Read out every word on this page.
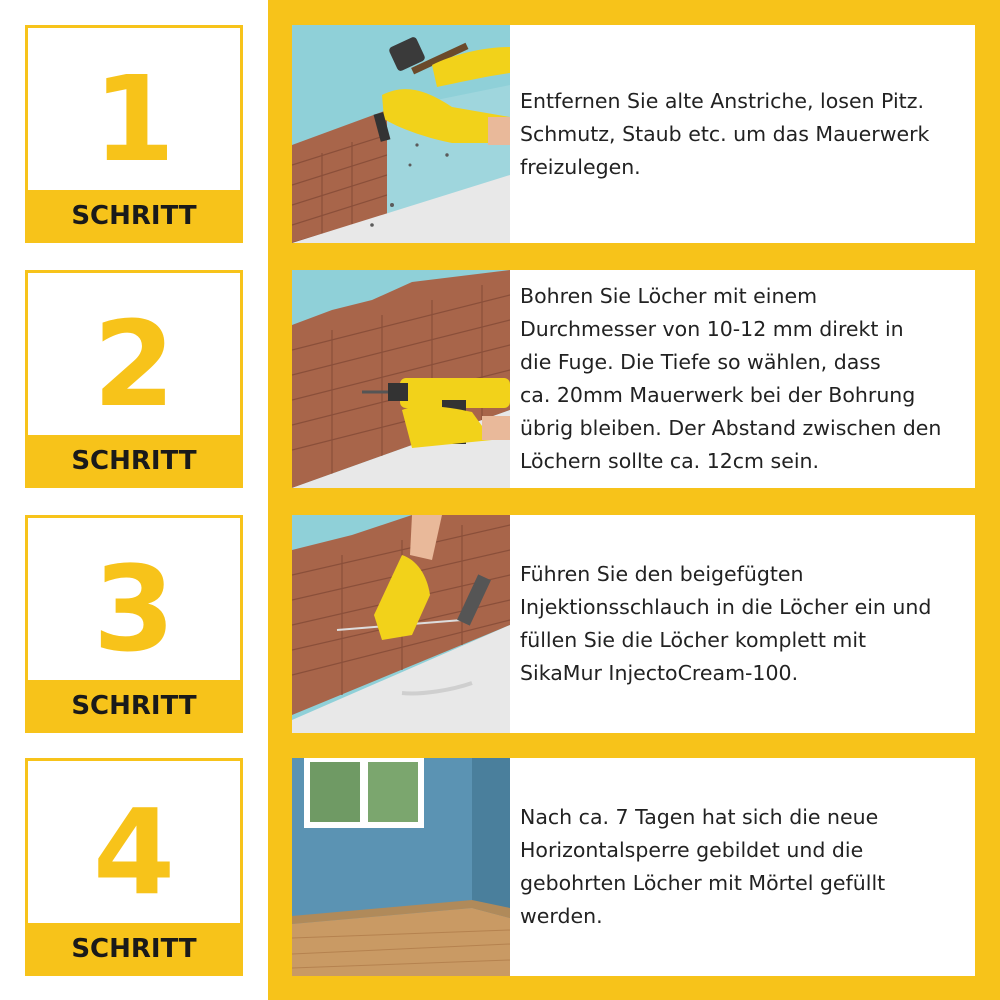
1
SCHRITT
Entfernen Sie alte Anstriche, losen Pitz.
Schmutz, Staub etc. um das Mauerwerk
freizulegen.
2
SCHRITT
Bohren Sie Löcher mit einem
Durchmesser von 10-12 mm direkt in
die Fuge. Die Tiefe so wählen, dass
ca. 20mm Mauerwerk bei der Bohrung
übrig bleiben. Der Abstand zwischen den
Löchern sollte ca. 12cm sein.
3
SCHRITT
Führen Sie den beigefügten
Injektionsschlauch in die Löcher ein und
füllen Sie die Löcher komplett mit
SikaMur InjectoCream-100.
4
SCHRITT
Nach ca. 7 Tagen hat sich die neue
Horizontalsperre gebildet und die
gebohrten Löcher mit Mörtel gefüllt
werden.
